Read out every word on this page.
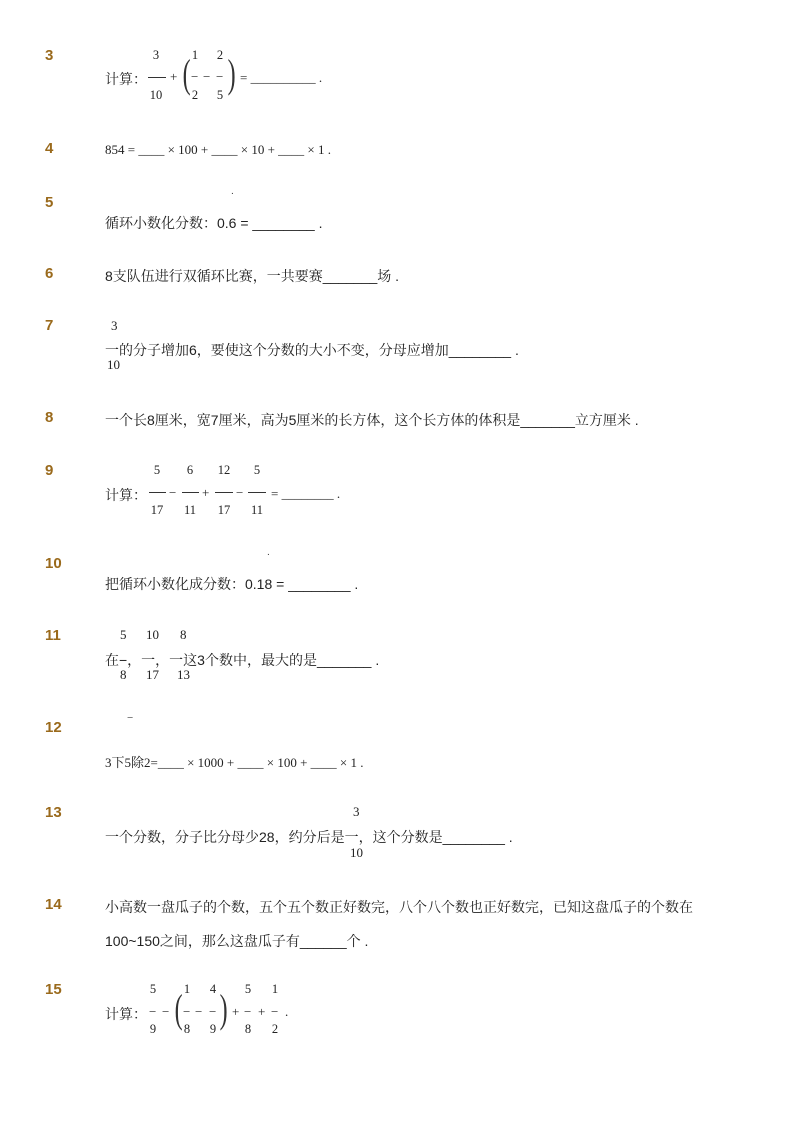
3
计算：
3
10
+ ( 1
−
2
−
2
−
5 ) = __________ .
4	854 = ____ × 100 + ____ × 10 + ____ × 1 .
5
.
循环小数化分数：0.6 = ________ .
6	8支队伍进行双循环比赛，一共要赛_______场 .
7	3
一的分子增加6，要使这个分数的大小不变，分母应增加________ .
10
8	一个长8厘米，宽7厘米，高为5厘米的长方体，这个长方体的体积是_______立方厘米 .
9
计算：
5
17
−
6
11
+
12
17
−
5
11
= ________ .
10
.
把循环小数化成分数：0.18 = ________ .
11	5 10 8
在−，一，一这3个数中，最大的是_______ .
8 17 13
12
−
3下5除2=____ × 1000 + ____ × 100 + ____ × 1 .
13	3
一个分数，分子比分母少28，约分后是一，这个分数是________ .
10
14	小高数一盘瓜子的个数，五个五个数正好数完，八个八个数也正好数完，已知这盘瓜子的个数在
100~150之间，那么这盘瓜子有______个 .
15
计算：
5
−
9
− ( 1
−
8
−
4
−
9 ) +
5
−
8
+
1
−
2
.
